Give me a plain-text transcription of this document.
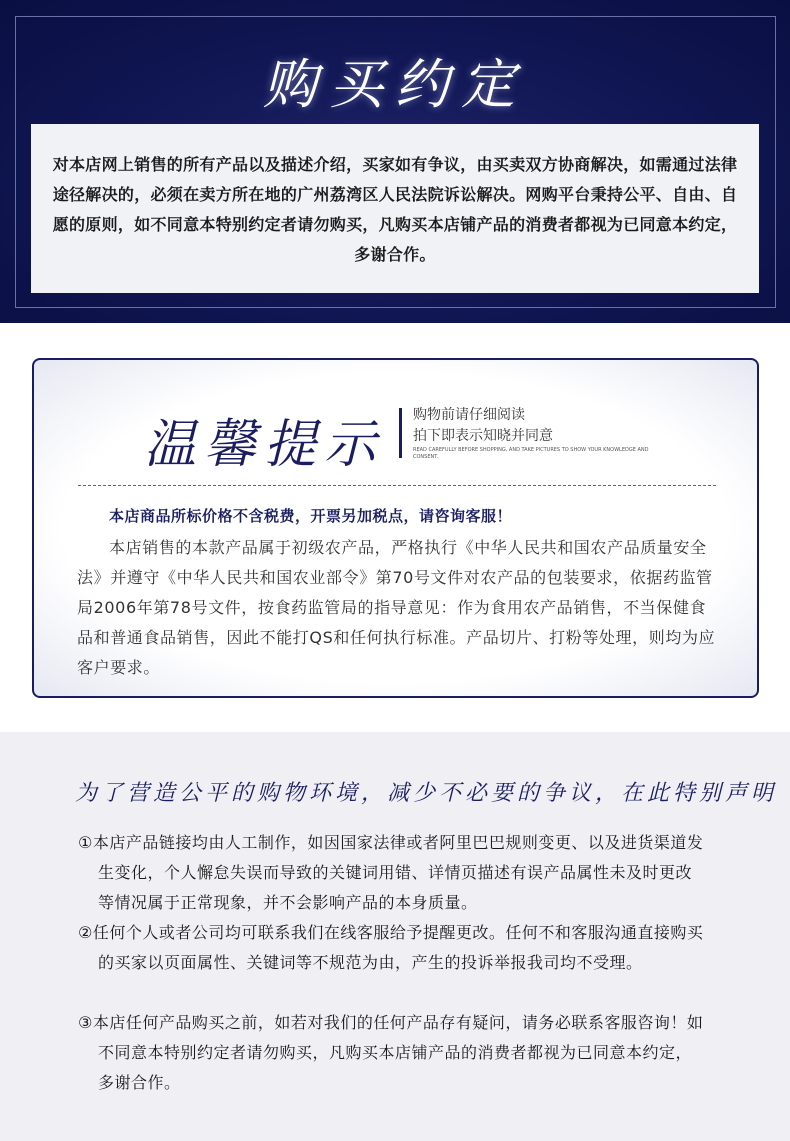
购买约定

对本店网上销售的所有产品以及描述介绍，买家如有争议，由买卖双方协商解决，如需通过法律途径解决的，必须在卖方所在地的广州荔湾区人民法院诉讼解决。网购平台秉持公平、自由、自愿的原则，如不同意本特别约定者请勿购买，凡购买本店铺产品的消费者都视为已同意本约定，多谢合作。

温馨提示 购物前请仔细阅读
拍下即表示知晓并同意
READ CAREFULLY BEFORE SHOPPING, AND TAKE PICTURES TO SHOW YOUR KNOWLEDGE AND CONSENT.
本店商品所标价格不含税费，开票另加税点，请咨询客服！

本店销售的本款产品属于初级农产品，严格执行《中华人民共和国农产品质量安全法》并遵守《中华人民共和国农业部令》第70号文件对农产品的包装要求，依据药监管局2006年第78号文件，按食药监管局的指导意见：作为食用农产品销售，不当保健食品和普通食品销售，因此不能打QS和任何执行标准。产品切片、打粉等处理，则均为应客户要求。

为了营造公平的购物环境，减少不必要的争议，在此特别声明
①本店产品链接均由人工制作，如因国家法律或者阿里巴巴规则变更、以及进货渠道发生变化，个人懈怠失误而导致的关键词用错、详情页描述有误产品属性未及时更改等情况属于正常现象，并不会影响产品的本身质量。
②任何个人或者公司均可联系我们在线客服给予提醒更改。任何不和客服沟通直接购买的买家以页面属性、关键词等不规范为由，产生的投诉举报我司均不受理。
③本店任何产品购买之前，如若对我们的任何产品存有疑问，请务必联系客服咨询！如不同意本特别约定者请勿购买，凡购买本店铺产品的消费者都视为已同意本约定，多谢合作。
